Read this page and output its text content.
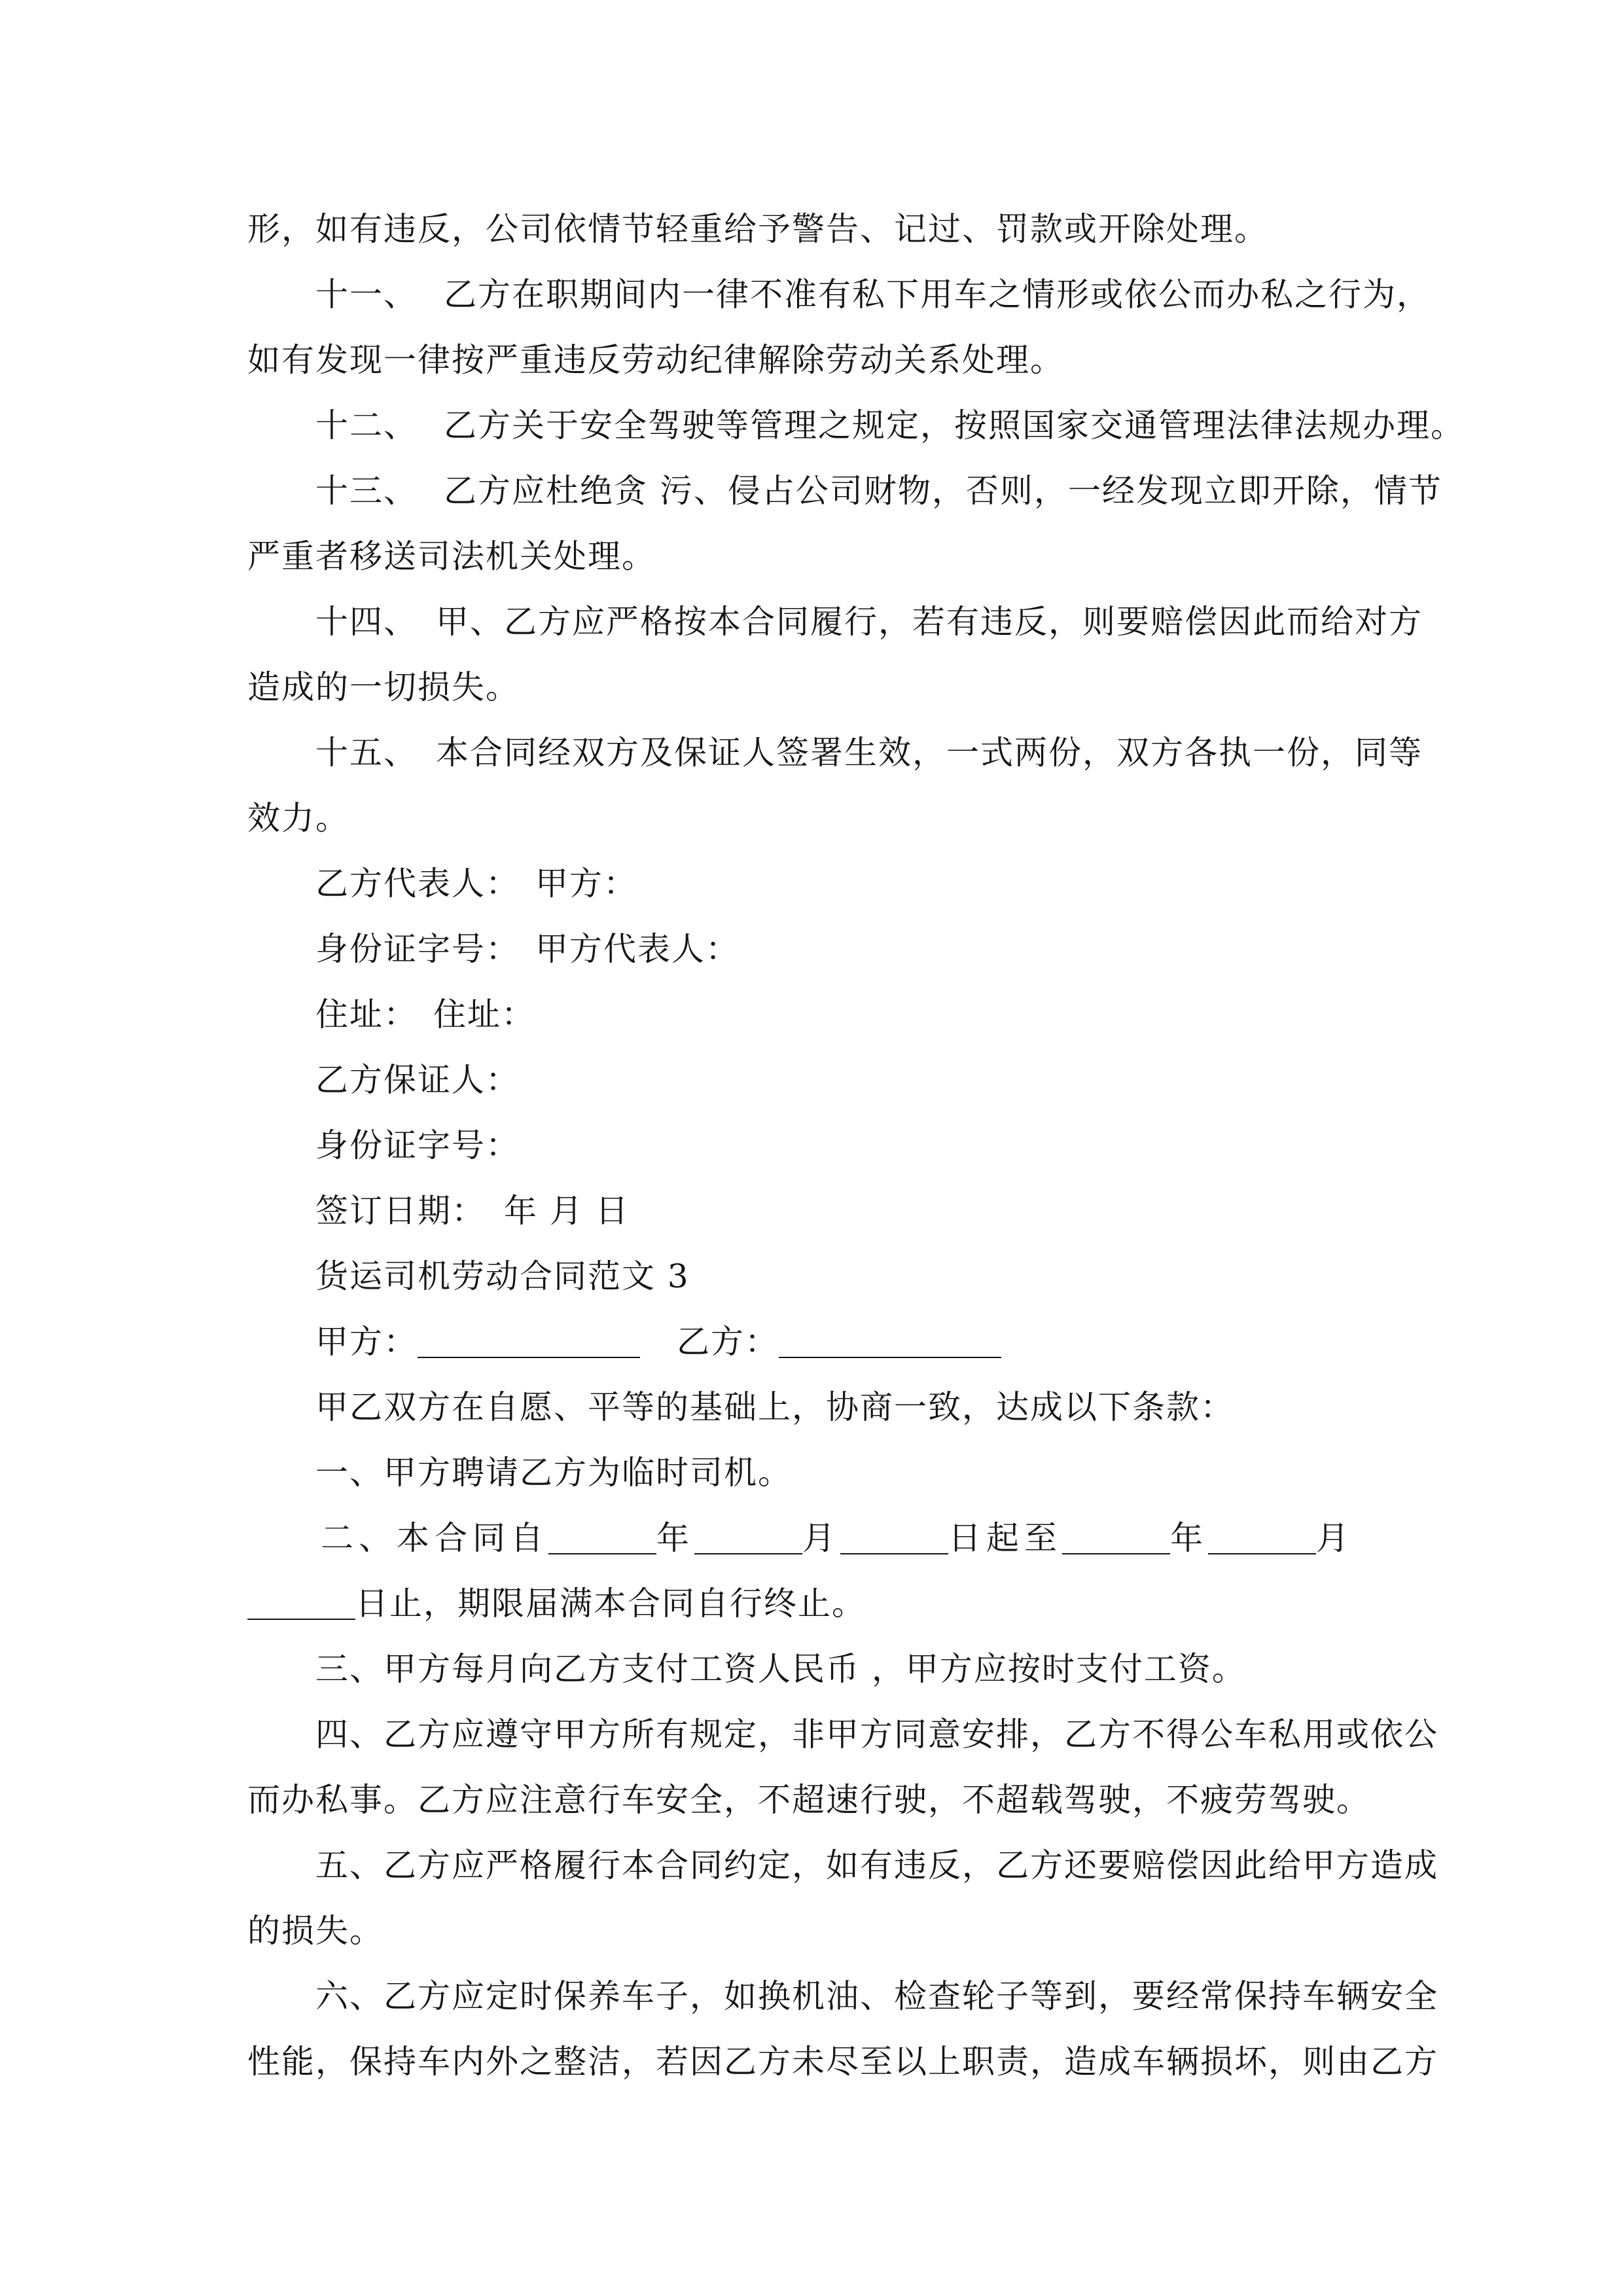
形，如有违反，公司依情节轻重给予警告、记过、罚款或开除处理。
十一、 乙方在职期间内一律不准有私下用车之情形或依公而办私之行为，
如有发现一律按严重违反劳动纪律解除劳动关系处理。
十二、 乙方关于安全驾驶等管理之规定，按照国家交通管理法律法规办理。
十三、 乙方应杜绝贪 污、侵占公司财物，否则，一经发现立即开除，情节
严重者移送司法机关处理。
十四、 甲、乙方应严格按本合同履行，若有违反，则要赔偿因此而给对方
造成的一切损失。
十五、 本合同经双方及保证人签署生效，一式两份，双方各执一份，同等
效力。
乙方代表人： 甲方：
身份证字号： 甲方代表人：
住址： 住址：
乙方保证人：
身份证字号：
签订日期： 年 月 日
货运司机劳动合同范文 3
甲方：	乙方：
甲乙双方在自愿、平等的基础上，协商一致，达成以下条款：
一、甲方聘请乙方为临时司机。
二、本合同自	年	月	日起至	年	月
日止，期限届满本合同自行终止。
三、甲方每月向乙方支付工资人民币 ，甲方应按时支付工资。
四、乙方应遵守甲方所有规定，非甲方同意安排，乙方不得公车私用或依公
而办私事。乙方应注意行车安全，不超速行驶，不超载驾驶，不疲劳驾驶。
五、乙方应严格履行本合同约定，如有违反，乙方还要赔偿因此给甲方造成
的损失。
六、乙方应定时保养车子，如换机油、检查轮子等到，要经常保持车辆安全
性能，保持车内外之整洁，若因乙方未尽至以上职责，造成车辆损坏，则由乙方
